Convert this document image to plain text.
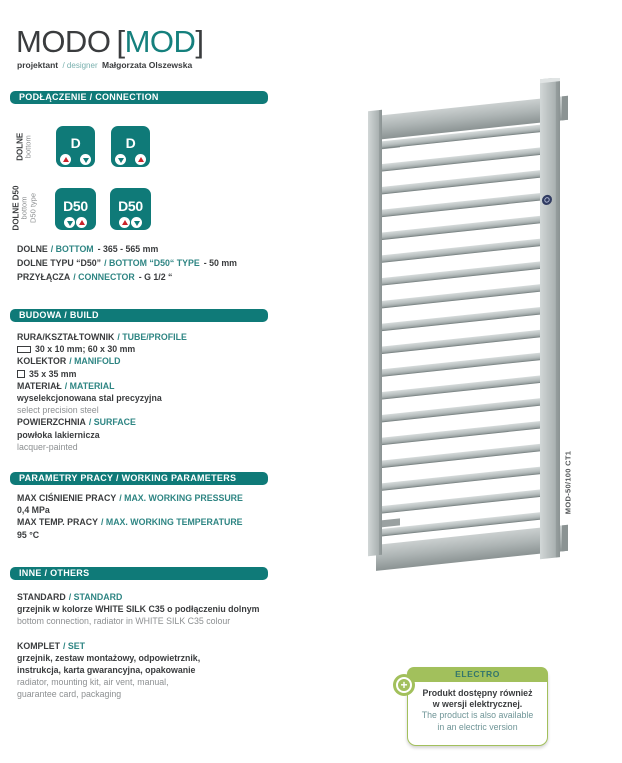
MODO [MOD]
projektant / designer Małgorzata Olszewska
PODŁĄCZENIE / CONNECTION
DOLNE bottom	D	D
DOLNE D50 bottom D50 type	D50	D50
DOLNE / BOTTOM - 365 - 565 mm
DOLNE TYPU “D50” / BOTTOM “D50“ TYPE - 50 mm
PRZYŁĄCZA / CONNECTOR - G 1/2 “
BUDOWA / BUILD
RURA/KSZTAŁTOWNIK / TUBE/PROFILE
30 x 10 mm; 60 x 30 mm
KOLEKTOR / MANIFOLD
35 x 35 mm
MATERIAŁ / MATERIAL
wyselekcjonowana stal precyzyjna
select precision steel
POWIERZCHNIA / SURFACE
powłoka lakiernicza
lacquer-painted
PARAMETRY PRACY / WORKING PARAMETERS
MAX CIŚNIENIE PRACY / MAX. WORKING PRESSURE
0,4 MPa
MAX TEMP. PRACY / MAX. WORKING TEMPERATURE
95 °C
INNE / OTHERS
STANDARD / STANDARD
grzejnik w kolorze WHITE SILK C35 o podłączeniu dolnym
bottom connection, radiator in WHITE SILK C35 colour
KOMPLET / SET
grzejnik, zestaw montażowy, odpowietrznik,
instrukcja, karta gwarancyjna, opakowanie
radiator, mounting kit, air vent, manual,
guarantee card, packaging
MOD-50/100 CT1
ELECTRO
Produkt dostępny również
w wersji elektrycznej.
The product is also available
in an electric version
+
